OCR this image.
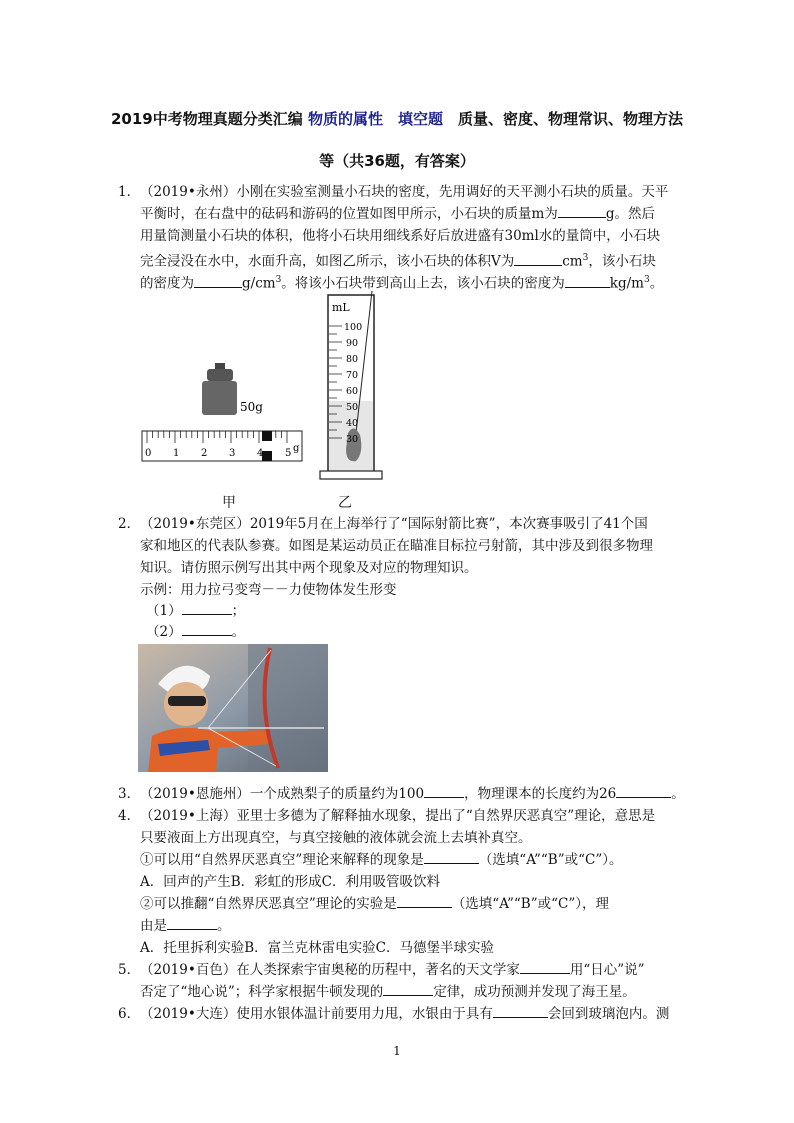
2019中考物理真题分类汇编 物质的属性　填空题　质量、密度、物理常识、物理方法
等（共36题，有答案）
1．（2019•永州）小刚在实验室测量小石块的密度，先用调好的天平测小石块的质量。天平
平衡时，在右盘中的砝码和游码的位置如图甲所示，小石块的质量m为	g。然后
用量筒测量小石块的体积，他将小石块用细线系好后放进盛有30ml水的量筒中，小石块
完全浸没在水中，水面升高，如图乙所示，该小石块的体积V为	$cm^3$，该小石块
的密度为	$g/cm^3$。将该小石块带到高山上去，该小石块的密度为	$kg/m^3$。
50g
0 1 2 3 4 5 g
mL
100
90
80
70
60
50
40
30
甲	乙
2．（2019•东莞区）2019年5月在上海举行了“国际射箭比赛”，本次赛事吸引了41个国
家和地区的代表队参赛。如图是某运动员正在瞄准目标拉弓射箭，其中涉及到很多物理
知识。请仿照示例写出其中两个现象及对应的物理知识。
示例：用力拉弓变弯－－力使物体发生形变
（1）	；
（2）	。
3．（2019•恩施州）一个成熟梨子的质量约为100	，物理课本的长度约为26	。
4．（2019•上海）亚里士多德为了解释抽水现象，提出了“自然界厌恶真空”理论，意思是
只要液面上方出现真空，与真空接触的液体就会流上去填补真空。
①可以用“自然界厌恶真空”理论来解释的现象是	（选填“A”“B”或“C”）。
A．回声的产生B．彩虹的形成C．利用吸管吸饮料
②可以推翻“自然界厌恶真空”理论的实验是	（选填“A”“B”或“C”），理
由是	。
A．托里拆利实验B．富兰克林雷电实验C．马德堡半球实验
5．（2019•百色）在人类探索宇宙奥秘的历程中，著名的天文学家	用“日心”说”
否定了“地心说”；科学家根据牛顿发现的	定律，成功预测并发现了海王星。
6．（2019•大连）使用水银体温计前要用力甩，水银由于具有	会回到玻璃泡内。测
1
